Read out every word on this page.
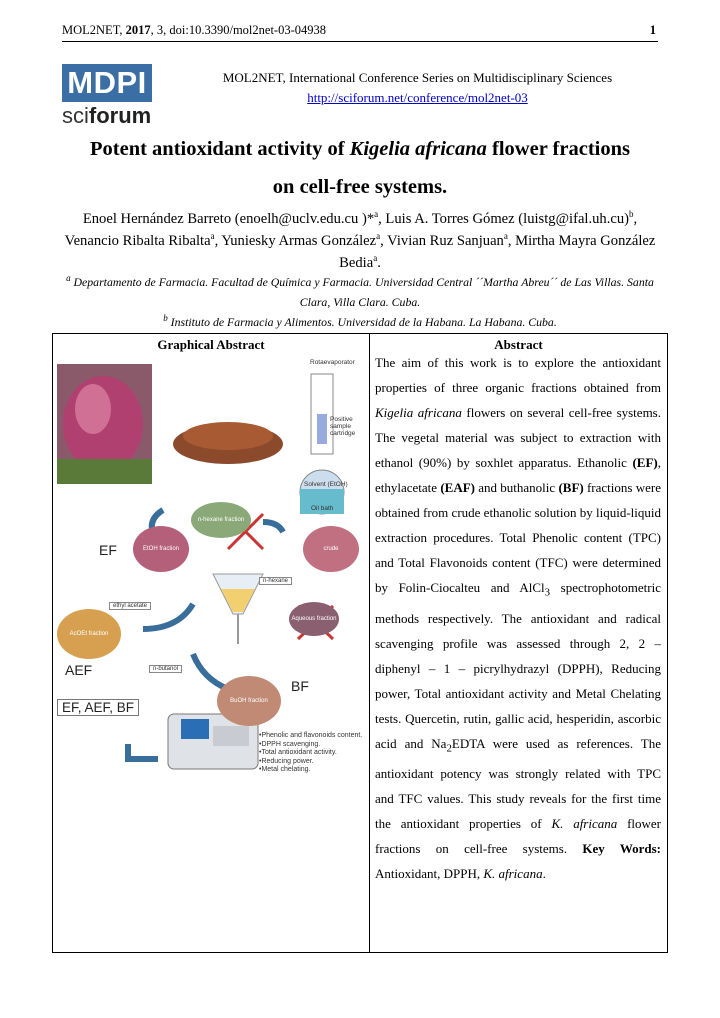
MOL2NET, 2017, 3, doi:10.3390/mol2net-03-04938	1
MDPI
sciforum
MOL2NET, International Conference Series on Multidisciplinary Sciences
http://sciforum.net/conference/mol2net-03
Potent antioxidant activity of Kigelia africana flower fractions
on cell-free systems.
Enoel Hernández Barreto (enoelh@uclv.edu.cu )*$^a$, Luis A. Torres Gómez (luistg@ifal.uh.cu)$^b$, Venancio Ribalta Ribalta$^a$, Yuniesky Armas González$^a$, Vivian Ruz Sanjuan$^a$, Mirtha Mayra González Bedia$^a$.
$^a$ Departamento de Farmacia. Facultad de Química y Farmacia. Universidad Central ´´Martha Abreu´´ de Las Villas. Santa Clara, Villa Clara. Cuba.
$^b$ Instituto de Farmacia y Alimentos. Universidad de la Habana. La Habana. Cuba.
Graphical Abstract	Abstract
Rotaevaporator
Positive sample cartridge
Solvent (EtOH)
Oil bath
n-hexane fraction
EtOH fraction	crude
EF
n-hexane
ethyl acetate
AcOEt fraction
Aqueous fraction
AEF	n-butanol
BuOH fraction
BF
EF, AEF, BF
•Phenolic and flavonoids content.
•DPPH scavenging.
•Total antioxidant activity.
•Reducing power.
•Metal chelating.
The aim of this work is to explore the antioxidant properties of three organic fractions obtained from Kigelia africana flowers on several cell-free systems. The vegetal material was subject to extraction with ethanol (90%) by soxhlet apparatus. Ethanolic (EF), ethylacetate (EAF) and buthanolic (BF) fractions were obtained from crude ethanolic solution by liquid-liquid extraction procedures. Total Phenolic content (TPC) and Total Flavonoids content (TFC) were determined by Folin-Ciocalteu and AlCl$_3$ spectrophotometric methods respectively. The antioxidant and radical scavenging profile was assessed through 2, 2 – diphenyl – 1 – picrylhydrazyl (DPPH), Reducing power, Total antioxidant activity and Metal Chelating tests. Quercetin, rutin, gallic acid, hesperidin, ascorbic acid and $Na_2EDTA$ were used as references. The antioxidant potency was strongly related with TPC and TFC values. This study reveals for the first time the antioxidant properties of K. africana flower fractions on cell-free systems. Key Words: Antioxidant, DPPH, K. africana.
